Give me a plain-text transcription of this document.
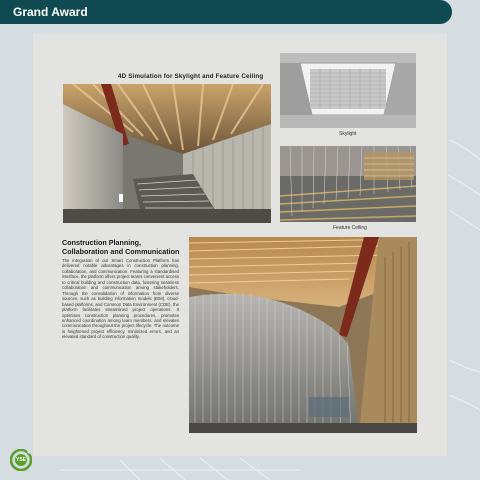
Grand Award
4D Simulation for Skylight and Feature Ceiling
Skylight
Feature Ceiling
Construction Planning,
Collaboration and Communication
The integration of our Smart Construction Platform has delivered notable advantages in construction planning, collaboration, and communication. Featuring a standardised interface, the platform offers project teams convenient access to critical building and construction data, fostering seamless collaboration and communication among stakeholders. Through the consolidation of information from diverse sources, such as building information models (BIM), cloud-based platforms, and Common Data Environment (CDE), the platform facilitates streamlined project operations. It optimises construction planning procedures, promotes enhanced coordination among team members, and elevates communication throughout the project lifecycle. The outcome is heightened project efficiency, minimized errors, and an elevated standard of construction quality.
YSE
